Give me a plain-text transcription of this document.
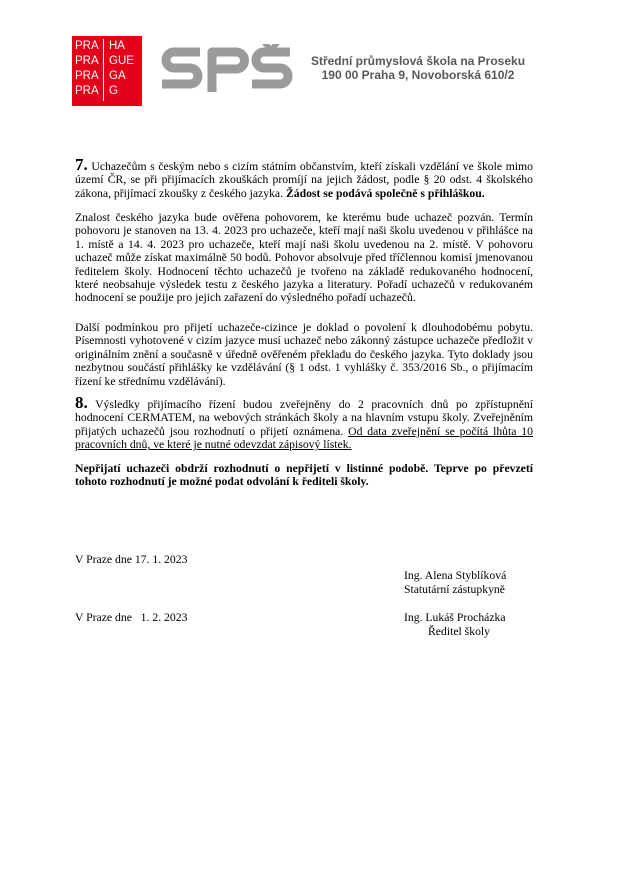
PRA HA
PRA GUE
PRA GA
PRA G
Střední průmyslová škola na Proseku
190 00 Praha 9, Novoborská 610/2
7. Uchazečům s českým nebo s cizím státním občanstvím, kteří získali vzdělání ve škole mimo území ČR, se při přijímacích zkouškách promíjí na jejich žádost, podle § 20 odst. 4 školského zákona, přijímací zkoušky z českého jazyka. Žádost se podává společně s přihláškou.
Znalost českého jazyka bude ověřena pohovorem, ke kterému bude uchazeč pozván. Termín pohovoru je stanoven na 13. 4. 2023 pro uchazeče, kteří mají naši školu uvedenou v přihlášce na 1. místě a 14. 4. 2023 pro uchazeče, kteří mají naši školu uvedenou na 2. místě. V pohovoru uchazeč může získat maximálně 50 bodů. Pohovor absolvuje před tříčlennou komisí jmenovanou ředitelem školy. Hodnocení těchto uchazečů je tvořeno na základě redukovaného hodnocení, které neobsahuje výsledek testu z českého jazyka a literatury. Pořadí uchazečů v redukovaném hodnocení se použije pro jejich zařazení do výsledného pořadí uchazečů.
Další podmínkou pro přijetí uchazeče-cizince je doklad o povolení k dlouhodobému pobytu. Písemnosti vyhotovené v cizím jazyce musí uchazeč nebo zákonný zástupce uchazeče předložit v originálním znění a současně v úředně ověřeném překladu do českého jazyka. Tyto doklady jsou nezbytnou součástí přihlášky ke vzdělávání (§ 1 odst. 1 vyhlášky č. 353/2016 Sb., o přijímacím řízení ke střednímu vzdělávání).
8. Výsledky přijímacího řízení budou zveřejněny do 2 pracovních dnů po zpřístupnění hodnocení CERMATEM, na webových stránkách školy a na hlavním vstupu školy. Zveřejněním přijatých uchazečů jsou rozhodnutí o přijetí oznámena. Od data zveřejnění se počítá lhůta 10 pracovních dnů, ve které je nutné odevzdat zápisový lístek.
Nepřijatí uchazeči obdrží rozhodnutí o nepřijetí v listinné podobě. Teprve po převzetí tohoto rozhodnutí je možné podat odvolání k řediteli školy.
V Praze dne 17. 1. 2023
Ing. Alena Styblíková
Statutární zástupkyně
V Praze dne   1. 2. 2023	Ing. Lukáš Procházka
Ředitel školy
